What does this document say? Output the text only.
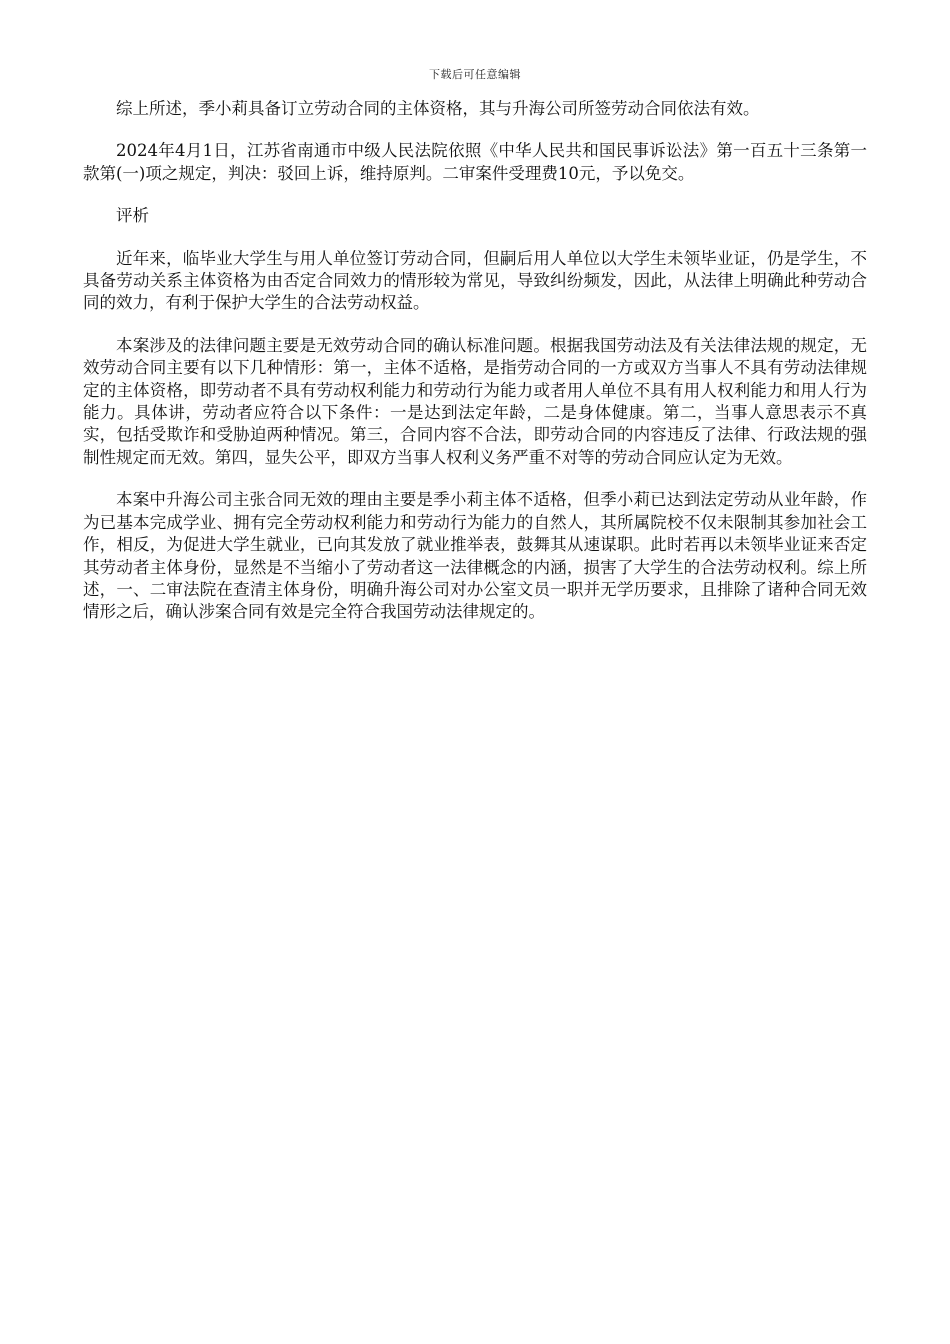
下载后可任意编辑

综上所述，季小莉具备订立劳动合同的主体资格，其与升海公司所签劳动合同依法有效。

2024年4月1日，江苏省南通市中级人民法院依照《中华人民共和国民事诉讼法》第一百五十三条第一款第(一)项之规定，判决：驳回上诉，维持原判。二审案件受理费10元，予以免交。

评析

近年来，临毕业大学生与用人单位签订劳动合同，但嗣后用人单位以大学生未领毕业证，仍是学生，不具备劳动关系主体资格为由否定合同效力的情形较为常见，导致纠纷频发，因此，从法律上明确此种劳动合同的效力，有利于保护大学生的合法劳动权益。

本案涉及的法律问题主要是无效劳动合同的确认标准问题。根据我国劳动法及有关法律法规的规定，无效劳动合同主要有以下几种情形：第一，主体不适格，是指劳动合同的一方或双方当事人不具有劳动法律规定的主体资格，即劳动者不具有劳动权利能力和劳动行为能力或者用人单位不具有用人权利能力和用人行为能力。具体讲，劳动者应符合以下条件：一是达到法定年龄，二是身体健康。第二，当事人意思表示不真实，包括受欺诈和受胁迫两种情况。第三，合同内容不合法，即劳动合同的内容违反了法律、行政法规的强制性规定而无效。第四，显失公平，即双方当事人权利义务严重不对等的劳动合同应认定为无效。

本案中升海公司主张合同无效的理由主要是季小莉主体不适格，但季小莉已达到法定劳动从业年龄，作为已基本完成学业、拥有完全劳动权利能力和劳动行为能力的自然人，其所属院校不仅未限制其参加社会工作，相反，为促进大学生就业，已向其发放了就业推举表，鼓舞其从速谋职。此时若再以未领毕业证来否定其劳动者主体身份，显然是不当缩小了劳动者这一法律概念的内涵，损害了大学生的合法劳动权利。综上所述，一、二审法院在查清主体身份，明确升海公司对办公室文员一职并无学历要求，且排除了诸种合同无效情形之后，确认涉案合同有效是完全符合我国劳动法律规定的。
